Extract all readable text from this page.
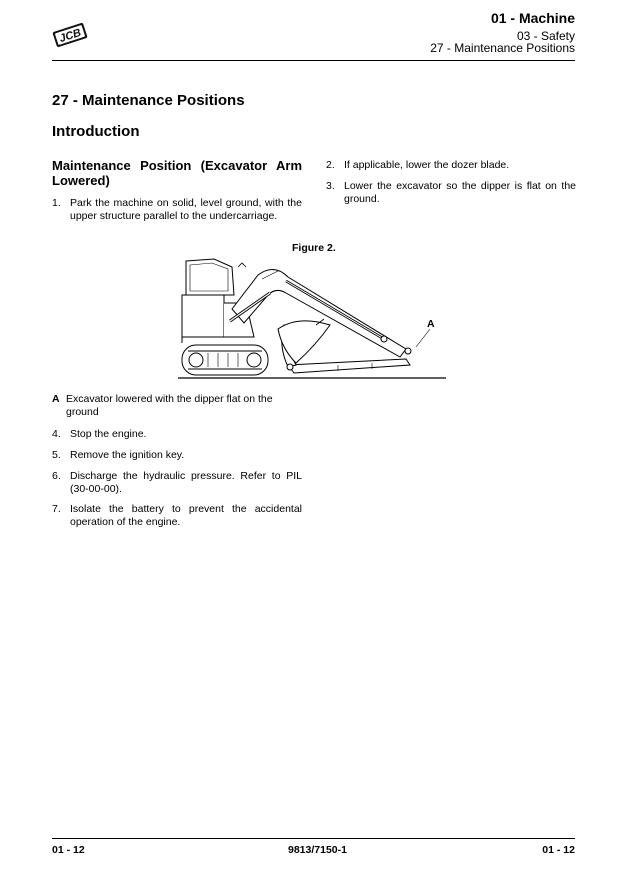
JCB
01 - Machine
03 - Safety
27 - Maintenance Positions
27 - Maintenance Positions
Introduction
Maintenance Position (Excavator Arm Lowered)
1. Park the machine on solid, level ground, with the upper structure parallel to the undercarriage.
2. If applicable, lower the dozer blade.
3. Lower the excavator so the dipper is flat on the ground.
Figure 2.
A
A Excavator lowered with the dipper flat on the ground
4. Stop the engine.
5. Remove the ignition key.
6. Discharge the hydraulic pressure. Refer to PIL (30-00-00).
7. Isolate the battery to prevent the accidental operation of the engine.
01 - 12	9813/7150-1	01 - 12
